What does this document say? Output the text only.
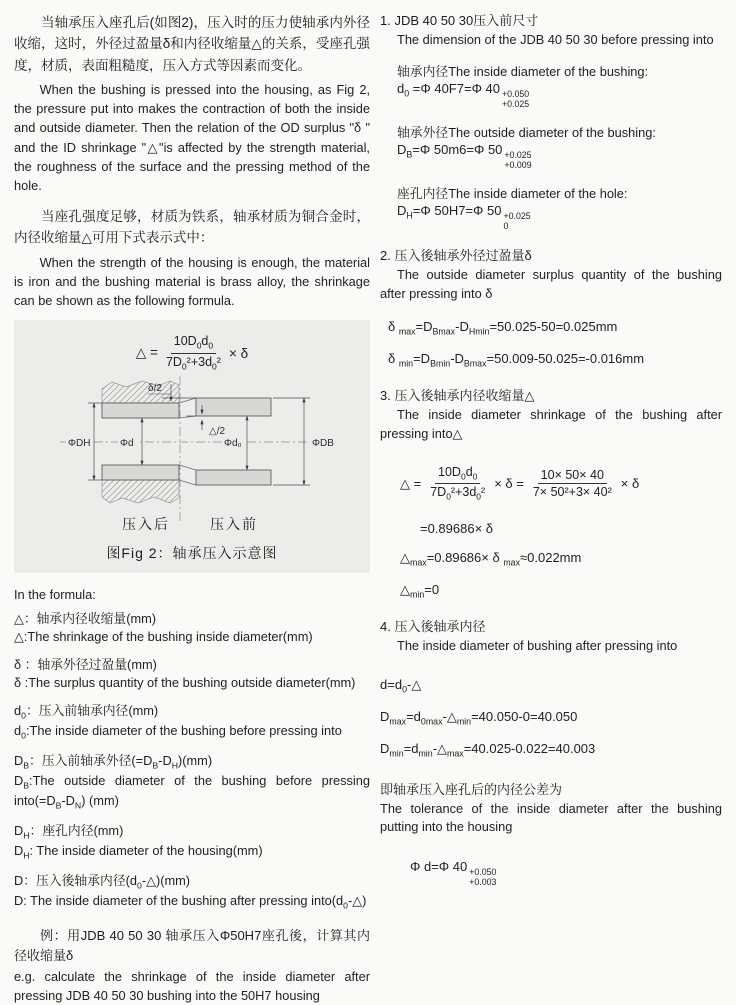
当轴承压入座孔后(如图2)，压入时的压力使轴承内外径收缩，这时，外径过盈量δ和内径收缩量△的关系，受座孔强度，材质，表面粗糙度，压入方式等因素而变化。

When the bushing is pressed into the housing, as Fig 2, the pressure put into makes the contraction of both the inside and outside diameter. Then the relation of the OD surplus "δ " and the ID shrinkage "△"is affected by the strength material, the roughness of the surface and the pressing method of the hole.

当座孔强度足够，材质为铁系，轴承材质为铜合金时，内径收缩量△可用下式表示式中：

When the strength of the housing is enough, the material is iron and the bushing material is brass alloy, the shrinkage can be shown as the following formula.

△ = $\frac{10D_0d_0}{7D_0^2+3d_0^2} \times \delta$
ΦDH	Φd	Φd₀	ΦDB
δ/2
△/2
压入后	压入前
图Fig 2：轴承压入示意图

In the formula:

△：轴承内径收缩量(mm)

△:The shrinkage of the bushing inside diameter(mm)

δ ：轴承外径过盈量(mm)

δ :The surplus quantity of the bushing outside diameter(mm)

$d_0$：压入前轴承内径(mm)

$d_0:The$ inside diameter of the bushing before pressing into

$D_B$：压入前轴承外径$(=D_B-D_H)(mm)$

$D_B:The$ outside diameter of the bushing before pressing $into(=D_B-D_N)$ (mm)

$D_H$：座孔内径(mm)

$D_H$: The inside diameter of the housing(mm)

D：压入後轴承内径$(d_0-\triangle)(mm)$

D: The inside diameter of the bushing after pressing $into(d_0-\triangle)$

例：用JDB 40 50 30 轴承压入Φ50H7座孔後，计算其内径收缩量δ

e.g. calculate the shrinkage of the inside diameter after pressing JDB 40 50 30 bushing into the 50H7 housing

1. JDB 40 50 30压入前尺寸

The dimension of the JDB 40 50 30 before pressing into

轴承内径The inside diameter of the bushing:

$d_0 =\Phi$ 40F7=Φ 40 +0.050
+0.025

轴承外径The outside diameter of the bushing:

$D_B=\Phi$ 50m6=Φ 50 +0.025
+0.009

座孔内径The inside diameter of the hole:

$D_H=\Phi$ 50H7=Φ 50 +0.025
0

2. 压入後轴承外径过盈量δ

The outside diameter surplus quantity of the bushing after pressing into δ

δ $_{max}=D_{Bmax}-D_{Hmin}=50.025-50=0.025mm$

δ $_{min}=D_{Bmin}-D_{Bmax}=50.009-50.025=-0.016mm$

3. 压入後轴承内径收缩量△

The inside diameter shrinkage of the bushing after pressing into△

△ = $\frac{10D_0d_0}{7D_0^2+3d_0^2} \times \delta = \frac{10\times 50\times 40}{\text{7× 50²+3× 40²}} \times \delta$

=0.89686× δ

$\triangle_{max}=0.89686\times \delta$ $_{max}$≈0.022mm

$\triangle_{min}=0$

4. 压入後轴承内径

The inside diameter of bushing after pressing into

$d=d_0-\triangle$

$D_{max}=d_{0max}-\triangle_{min}=40.050-0=40.050$

$D_{min}=d_{min}-\triangle_{max}=40.025-0.022=40.003$

即轴承压入座孔后的内径公差为

The tolerance of the inside diameter after the bushing putting into the housing

Φ d=Φ 40 +0.050
+0.003
